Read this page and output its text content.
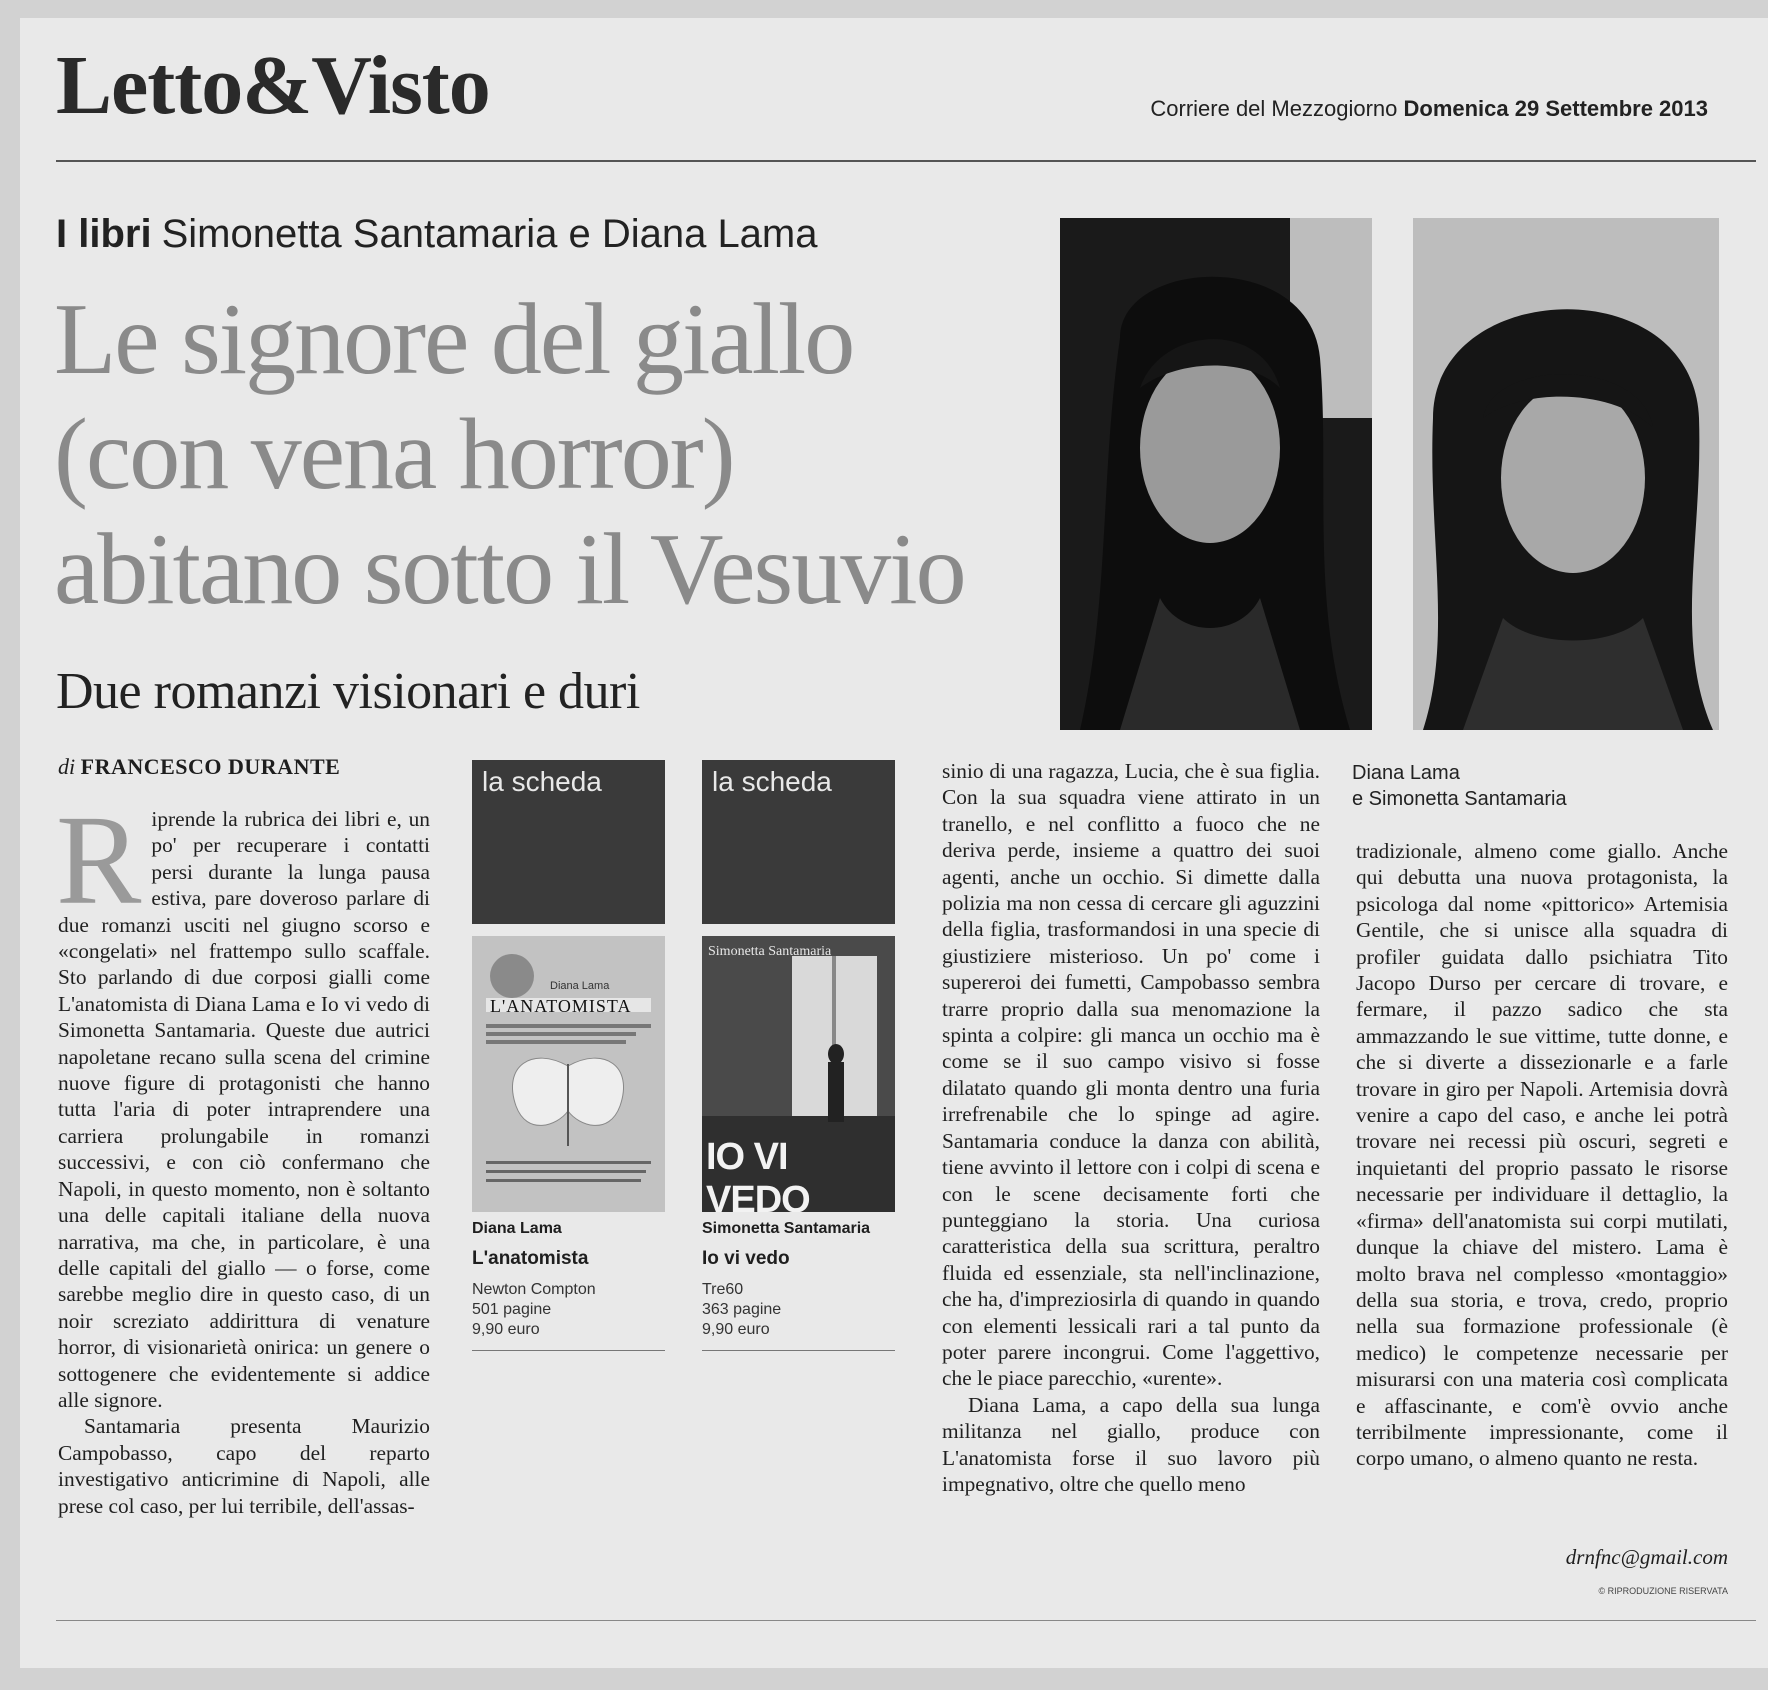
Letto&Visto	Corriere del Mezzogiorno Domenica 29 Settembre 2013
I libri Simonetta Santamaria e Diana Lama
Le signore del giallo
(con vena horror)
abitano sotto il Vesuvio
Due romanzi visionari e duri
di FRANCESCO DURANTE

Riprende la rubrica dei libri e, un po' per recuperare i contatti persi durante la lunga pausa estiva, pare doveroso parlare di due romanzi usciti nel giugno scorso e «congelati» nel frattempo sullo scaffale. Sto parlando di due corposi gialli come L'anatomista di Diana Lama e Io vi vedo di Simonetta Santamaria. Queste due autrici napoletane recano sulla scena del crimine nuove figure di protagonisti che hanno tutta l'aria di poter intraprendere una carriera prolungabile in romanzi successivi, e con ciò confermano che Napoli, in questo momento, non è soltanto una delle capitali italiane della nuova narrativa, ma che, in particolare, è una delle capitali del giallo — o forse, come sarebbe meglio dire in questo caso, di un noir screziato addirittura di venature horror, di visionarietà onirica: un genere o sottogenere che evidentemente si addice alle signore.

Santamaria presenta Maurizio Campobasso, capo del reparto investigativo anticrimine di Napoli, alle prese col caso, per lui terribile, dell'assas-

la scheda
Diana Lama
L'ANATOMISTA
Diana Lama
L'anatomista
Newton Compton
501 pagine
9,90 euro
la scheda
Simonetta Santamaria
IO VI VEDO
Simonetta Santamaria
Io vi vedo
Tre60
363 pagine
9,90 euro

sinio di una ragazza, Lucia, che è sua figlia. Con la sua squadra viene attirato in un tranello, e nel conflitto a fuoco che ne deriva perde, insieme a quattro dei suoi agenti, anche un occhio. Si dimette dalla polizia ma non cessa di cercare gli aguzzini della figlia, trasformandosi in una specie di giustiziere misterioso. Un po' come i supereroi dei fumetti, Campobasso sembra trarre proprio dalla sua menomazione la spinta a colpire: gli manca un occhio ma è come se il suo campo visivo si fosse dilatato quando gli monta dentro una furia irrefrenabile che lo spinge ad agire. Santamaria conduce la danza con abilità, tiene avvinto il lettore con i colpi di scena e con le scene decisamente forti che punteggiano la storia. Una curiosa caratteristica della sua scrittura, peraltro fluida ed essenziale, sta nell'inclinazione, che ha, d'impreziosirla di quando in quando con elementi lessicali rari a tal punto da poter parere incongrui. Come l'aggettivo, che le piace parecchio, «urente».

Diana Lama, a capo della sua lunga militanza nel giallo, produce con L'anatomista forse il suo lavoro più impegnativo, oltre che quello meno

Diana Lama
e Simonetta Santamaria

tradizionale, almeno come giallo. Anche qui debutta una nuova protagonista, la psicologa dal nome «pittorico» Artemisia Gentile, che si unisce alla squadra di profiler guidata dallo psichiatra Tito Jacopo Durso per cercare di trovare, e fermare, il pazzo sadico che sta ammazzando le sue vittime, tutte donne, e che si diverte a dissezionarle e a farle trovare in giro per Napoli. Artemisia dovrà venire a capo del caso, e anche lei potrà trovare nei recessi più oscuri, segreti e inquietanti del proprio passato le risorse necessarie per individuare il dettaglio, la «firma» dell'anatomista sui corpi mutilati, dunque la chiave del mistero. Lama è molto brava nel complesso «montaggio» della sua storia, e trova, credo, proprio nella sua formazione professionale (è medico) le competenze necessarie per misurarsi con una materia così complicata e affascinante, e com'è ovvio anche terribilmente impressionante, come il corpo umano, o almeno quanto ne resta.

drnfnc@gmail.com
© RIPRODUZIONE RISERVATA
